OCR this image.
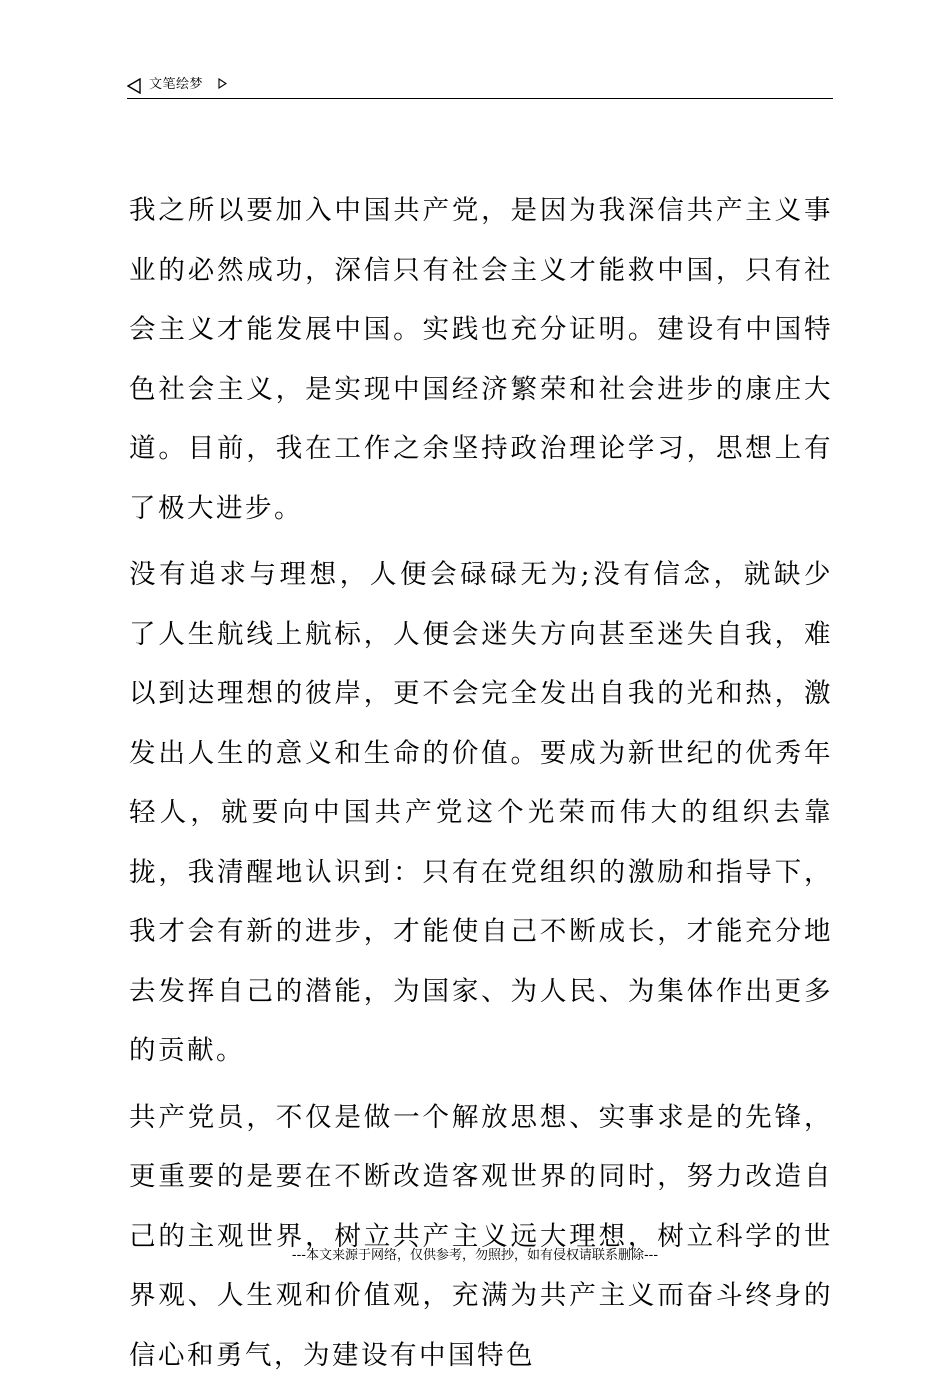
文笔绘梦

我之所以要加入中国共产党，是因为我深信共产主义事业的必然成功，深信只有社会主义才能救中国，只有社会主义才能发展中国。实践也充分证明。建设有中国特色社会主义，是实现中国经济繁荣和社会进步的康庄大道。目前，我在工作之余坚持政治理论学习，思想上有了极大进步。

没有追求与理想，人便会碌碌无为;没有信念，就缺少了人生航线上航标，人便会迷失方向甚至迷失自我，难以到达理想的彼岸，更不会完全发出自我的光和热，激发出人生的意义和生命的价值。要成为新世纪的优秀年轻人，就要向中国共产党这个光荣而伟大的组织去靠拢，我清醒地认识到：只有在党组织的激励和指导下，我才会有新的进步，才能使自己不断成长，才能充分地去发挥自己的潜能，为国家、为人民、为集体作出更多的贡献。

共产党员，不仅是做一个解放思想、实事求是的先锋，更重要的是要在不断改造客观世界的同时，努力改造自己的主观世界，树立共产主义远大理想，树立科学的世界观、人生观和价值观，充满为共产主义而奋斗终身的信心和勇气，为建设有中国特色

---本文来源于网络，仅供参考，勿照抄，如有侵权请联系删除---
